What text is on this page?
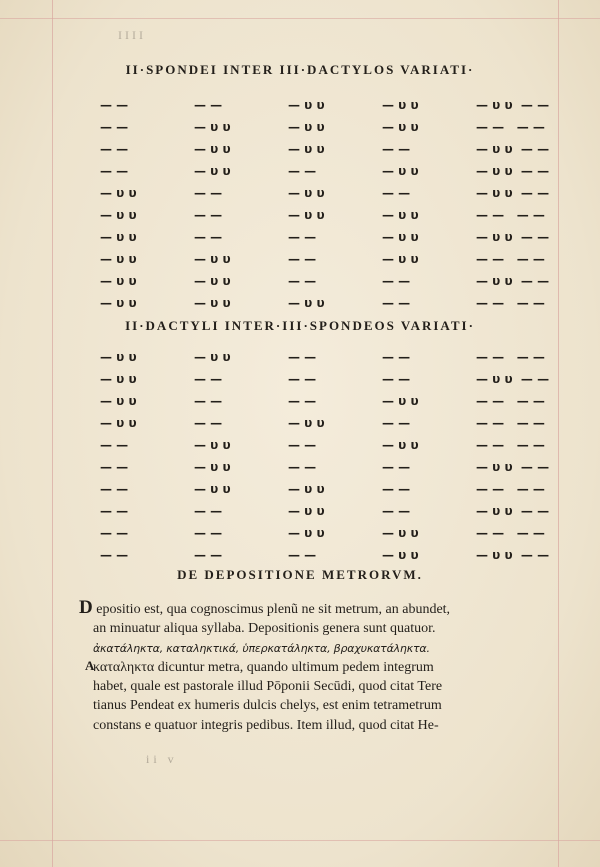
IIII
II·SPONDEI INTER III·DACTYLOS VARIATI·
— —	— —	— υ υ	— υ υ	— υ υ  — —
— —	— υ υ	— υ υ	— υ υ	— —   — —
— —	— υ υ	— υ υ	— —	— υ υ  — —
— —	— υ υ	— —	— υ υ	— υ υ  — —
— υ υ	— —	— υ υ	— —	— υ υ  — —
— υ υ	— —	— υ υ	— υ υ	— —   — —
— υ υ	— —	— —	— υ υ	— υ υ  — —
— υ υ	— υ υ	— —	— υ υ	— —   — —
— υ υ	— υ υ	— —	— —	— υ υ  — —
— υ υ	— υ υ	— υ υ	— —	— —   — —
II·DACTYLI INTER·III·SPONDEOS VARIATI·
— υ υ	— υ υ	— —	— —	— —   — —
— υ υ	— —	— —	— —	— υ υ  — —
— υ υ	— —	— —	— υ υ	— —   — —
— υ υ	— —	— υ υ	— —	— —   — —
— —	— υ υ	— —	— υ υ	— —   — —
— —	— υ υ	— —	— —	— υ υ  — —
— —	— υ υ	— υ υ	— —	— —   — —
— —	— —	— υ υ	— —	— υ υ  — —
— —	— —	— υ υ	— υ υ	— —   — —
— —	— —	— —	— υ υ	— υ υ  — —
DE DEPOSITIONE METRORVM.
D epositio est, qua cognoscimus plenũ ne sit metrum, an abundet,
an minuatur aliqua syllaba. Depositionis genera sunt quatuor.
ἀκατάληκτα, καταληκτικά, ὑπερκατάληκτα, βραχυκατάληκτα.
καταληκτα dicuntur metra, quando ultimum pedem integrum
habet, quale est pastorale illud Pōponii Secūdi, quod citat Tere
tianus Pendeat ex humeris dulcis chelys, est enim tetrametrum
constans e quatuor integris pedibus. Item illud, quod citat He-
A
ii v
